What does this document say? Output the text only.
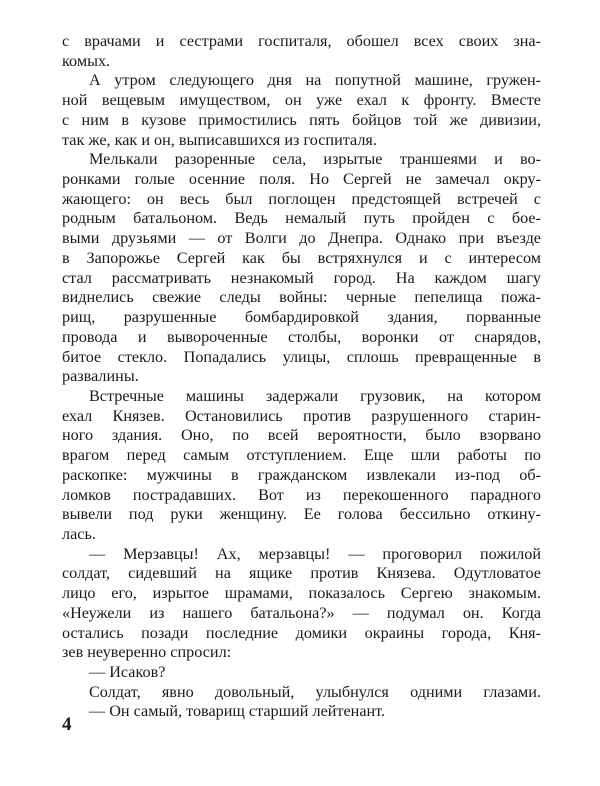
с врачами и сестрами госпиталя, обошел всех своих зна-
комых.
А утром следующего дня на попутной машине, гружен-
ной вещевым имуществом, он уже ехал к фронту. Вместе
с ним в кузове примостились пять бойцов той же дивизии,
так же, как и он, выписавшихся из госпиталя.
Мелькали разоренные села, изрытые траншеями и во-
ронками голые осенние поля. Но Сергей не замечал окру-
жающего: он весь был поглощен предстоящей встречей с
родным батальоном. Ведь немалый путь пройден с бое-
выми друзьями — от Волги до Днепра. Однако при въезде
в Запорожье Сергей как бы встряхнулся и с интересом
стал рассматривать незнакомый город. На каждом шагу
виднелись свежие следы войны: черные пепелища пожа-
рищ, разрушенные бомбардировкой здания, порванные
провода и вывороченные столбы, воронки от снарядов,
битое стекло. Попадались улицы, сплошь превращенные в
развалины.
Встречные машины задержали грузовик, на котором
ехал Князев. Остановились против разрушенного старин-
ного здания. Оно, по всей вероятности, было взорвано
врагом перед самым отступлением. Еще шли работы по
раскопке: мужчины в гражданском извлекали из-под об-
ломков пострадавших. Вот из перекошенного парадного
вывели под руки женщину. Ее голова бессильно откину-
лась.
— Мерзавцы! Ах, мерзавцы! — проговорил пожилой
солдат, сидевший на ящике против Князева. Одутловатое
лицо его, изрытое шрамами, показалось Сергею знакомым.
«Неужели из нашего батальона?» — подумал он. Когда
остались позади последние домики окраины города, Кня-
зев неуверенно спросил:
— Исаков?
Солдат, явно довольный, улыбнулся одними глазами.
— Он самый, товарищ старший лейтенант.
4
